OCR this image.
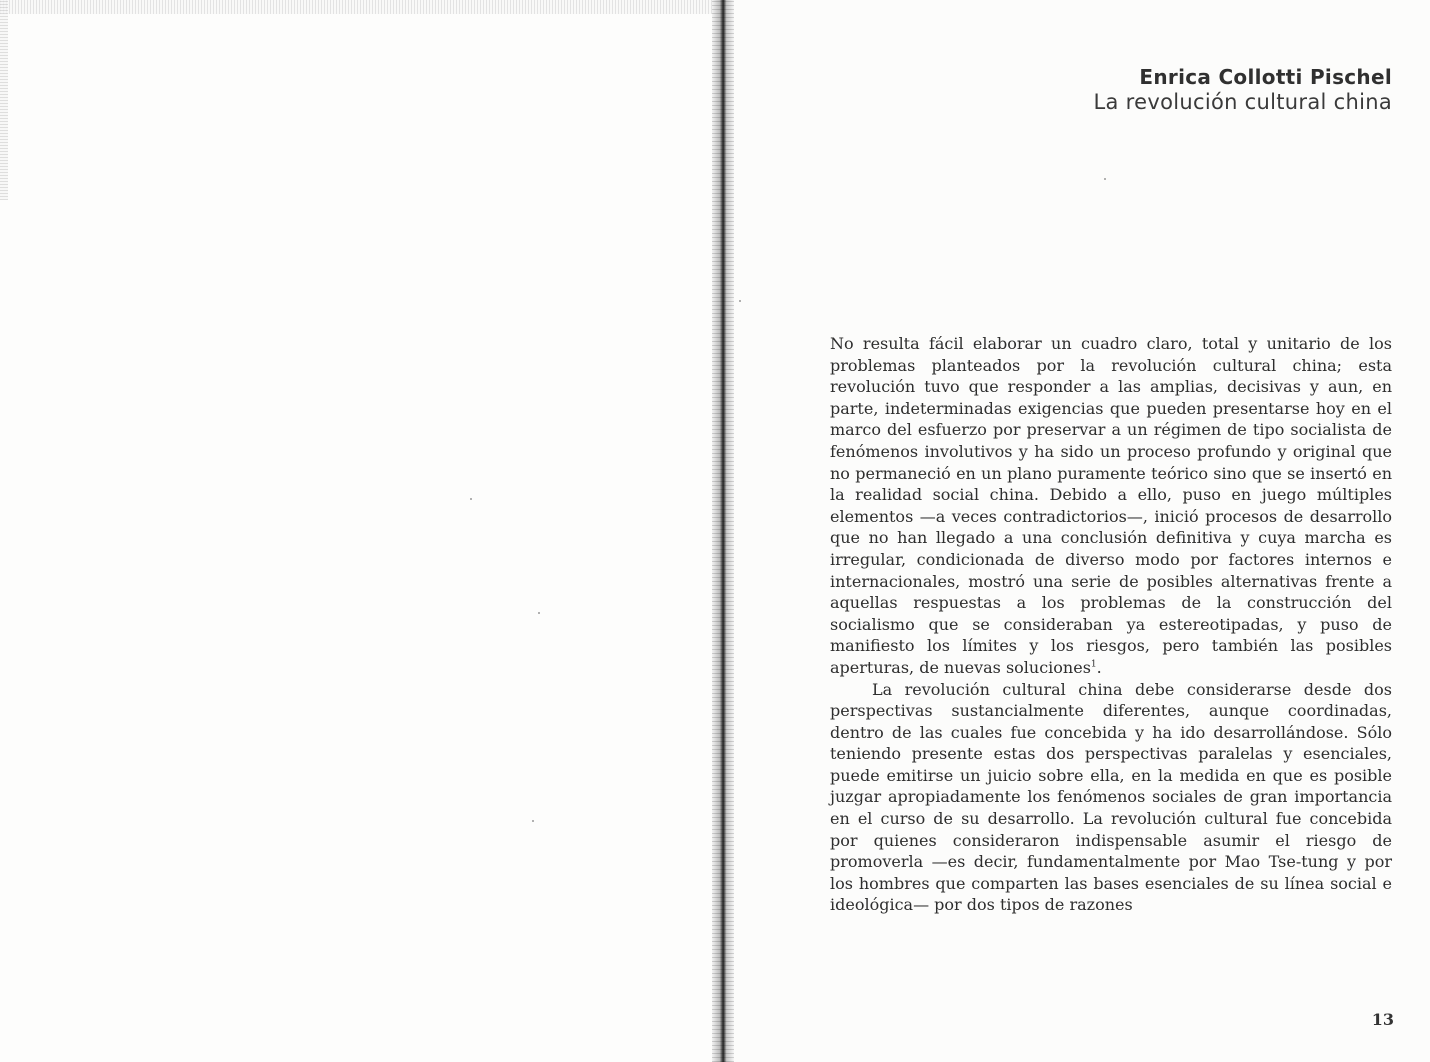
Enrica Collotti Pischel
La revolución cultural china

No resulta fácil elaborar un cuadro claro, total y unitario de los problemas planteados por la revolución cultural china; esta revolución tuvo que responder a las amplias, decisivas y aun, en parte, indeterminadas exigencias que pueden presentarse hoy en el marco del esfuerzo por preservar a un régimen de tipo socialista de fenómenos involutivos y ha sido un proceso profundo y original que no permaneció en un plano puramente teórico sino que se insertó en la realidad social china. Debido a ello, puso en juego múltiples elementos —a veces contradictorios—, inició procesos de desarrollo que no han llegado a una conclusión definitiva y cuya marcha es irregular, condicionada de diverso modo por factores internos e internacionales, mostró una serie de posibles alternativas frente a aquellas respuestas a los problemas de la construcción del socialismo que se consideraban ya estereotipadas, y puso de manifiesto los límites y los riesgos, pero también las posibles aperturas, de nuevas soluciones$^1$.

La revolución cultural china debe considerarse desde dos perspectivas sustancialmente diferentes, aunque coordinadas, dentro de las cuales fue concebida y ha ido desarrollándose. Sólo teniendo presente estas dos perspectivas paralelas y esenciales, puede emitirse un juicio sobre ella, en la medida en que es posible juzgar apropiadamente los fenómenos sociales de gran importancia en el curso de su desarrollo. La revolución cultural fue concebida por quienes consideraron indispensable asumir el riesgo de promoverla —es decir, fundamentalmente por Mao Tse-tung y por los hombres que comparten las bases esenciales de su línea social e ideológica— por dos tipos de razones

13
